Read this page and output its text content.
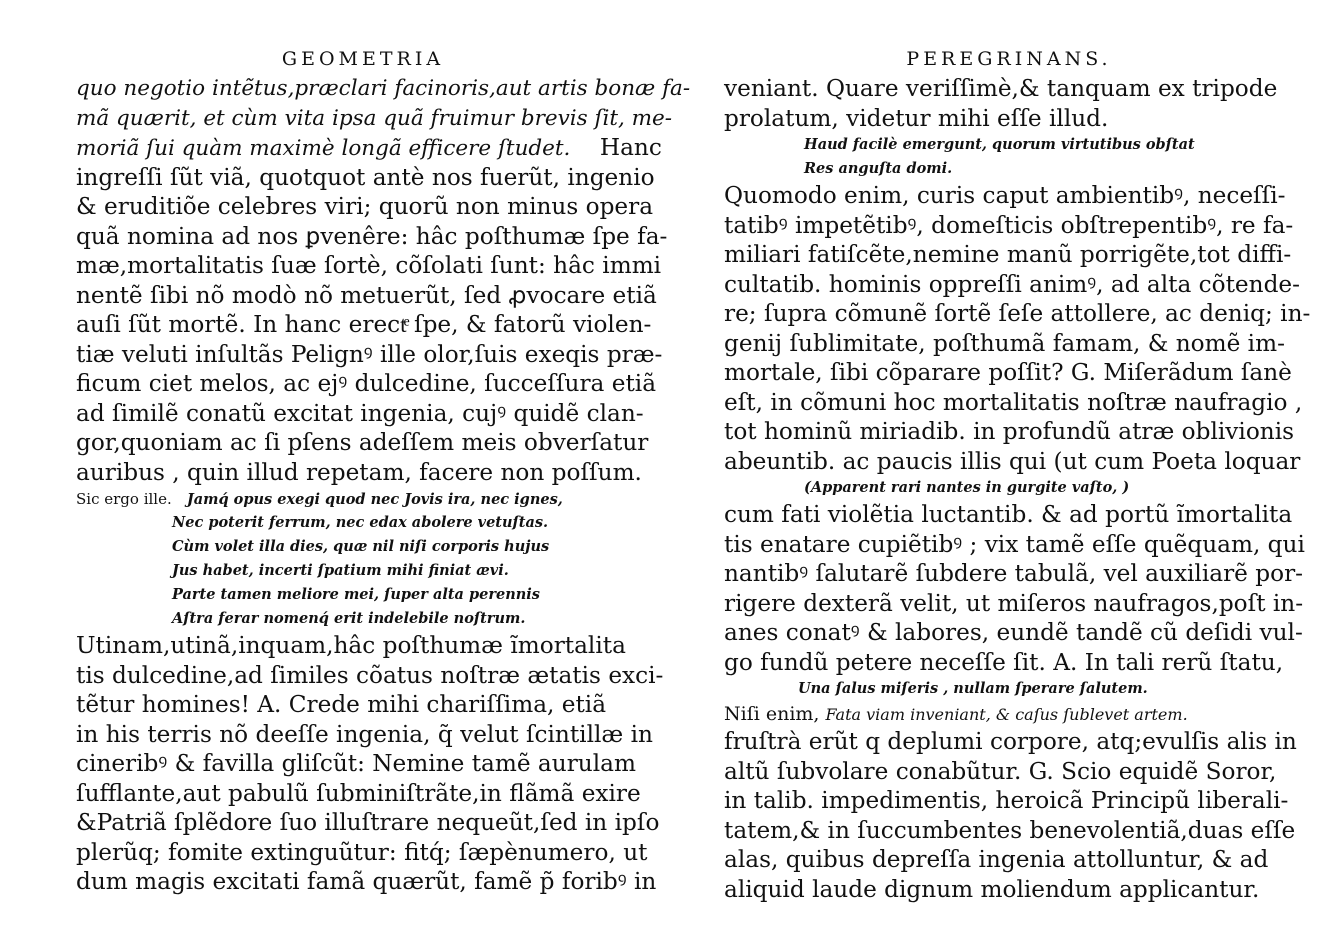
GEOMETRIA
quo negotio intẽtus,præclari facinoris,aut artis bonæ fa-
mã quærit, et cùm vita ipsa quã fruimur brevis ſit, me-
moriã ſui quàm maximè longã efficere ſtudet. Hanc
ingreſſi ſũt viã, quotquot antè nos fuerũt, ingenio
& eruditiõe celebres viri; quorũ non minus opera
quã nomina ad nos ꝑvenêre: hâc poſthumæ ſpe fa-
mæ,mortalitatis ſuæ ſortè, cõſolati ſunt: hâc immi
nentẽ ſibi nõ modò nõ metuerũt, ſed ꝓvocare etiã
auſi ſũt mortẽ. In hanc erectͤ ſpe, & fatorũ violen-
tiæ veluti inſultãs Pelignꝰ ille olor,ſuis exeqis præ-
ficum ciet melos, ac ejꝰ dulcedine, ſucceſſura etiã
ad ſimilẽ conatũ excitat ingenia, cujꝰ quidẽ clan-
gor,quoniam ac ſi pſens adeſſem meis obverſatur
auribus , quin illud repetam, facere non poſſum.
Sic ergo ille. Jamq́ opus exegi quod nec Jovis ira, nec ignes,
Nec poterit ferrum, nec edax abolere vetuſtas.
Cùm volet illa dies, quæ nil niſi corporis hujus
Jus habet, incerti ſpatium mihi finiat ævi.
Parte tamen meliore mei, ſuper alta perennis
Aſtra ferar nomenq́ erit indelebile noſtrum.
Utinam,utinã,inquam,hâc poſthumæ ĩmortalita
tis dulcedine,ad ſimiles cõatus noſtræ ætatis exci-
tẽtur homines! A. Crede mihi chariſſima, etiã
in his terris nõ deeſſe ingenia, q̃ velut ſcintillæ in
cineribꝰ & favilla gliſcũt: Nemine tamẽ aurulam
ſufflante,aut pabulũ ſubminiſtrãte,in flãmã exire
&Patriã ſplẽdore ſuo illuſtrare nequeũt,ſed in ipſo
plerũq; fomite extinguũtur: fitq́; ſæpènumero, ut
dum magis excitati famã quærũt, famẽ p̃ foribꝰ in
PEREGRINANS.
veniant. Quare veriſſimè,& tanquam ex tripode
prolatum, videtur mihi eſſe illud.
Haud facilè emergunt, quorum virtutibus obſtat
Res anguſta domi.
Quomodo enim, curis caput ambientibꝰ, neceſſi-
tatibꝰ impetẽtibꝰ, domeſticis obſtrepentibꝰ, re fa-
miliari fatiſcẽte,nemine manũ porrigẽte,tot diffi-
cultatib. hominis oppreſſi animꝰ, ad alta cõtende-
re; ſupra cõmunẽ ſortẽ ſeſe attollere, ac deniq; in-
genij ſublimitate, poſthumã famam, & nomẽ im-
mortale, ſibi cõparare poſſit? G. Miſerãdum ſanè
eſt, in cõmuni hoc mortalitatis noſtræ naufragio ,
tot hominũ miriadib. in profundũ atræ oblivionis
abeuntib. ac paucis illis qui (ut cum Poeta loquar
(Apparent rari nantes in gurgite vaſto, )
cum fati violẽtia luctantib. & ad portũ ĩmortalita
tis enatare cupiẽtibꝰ ; vix tamẽ eſſe quẽquam, qui
nantibꝰ ſalutarẽ ſubdere tabulã, vel auxiliarẽ por-
rigere dexterã velit, ut miſeros naufragos,poſt in-
anes conatꝰ & labores, eundẽ tandẽ cũ deſidi vul-
go fundũ petere neceſſe ſit. A. In tali rerũ ſtatu,
Una ſalus miſeris , nullam ſperare ſalutem.
Niſi enim, Fata viam inveniant, & caſus ſublevet artem.
fruſtrà erũt q deplumi corpore, atq;evulſis alis in
altũ ſubvolare conabũtur. G. Scio equidẽ Soror,
in talib. impedimentis, heroicã Principũ liberali-
tatem,& in ſuccumbentes benevolentiã,duas eſſe
alas, quibus depreſſa ingenia attolluntur, & ad
aliquid laude dignum moliendum applicantur.
